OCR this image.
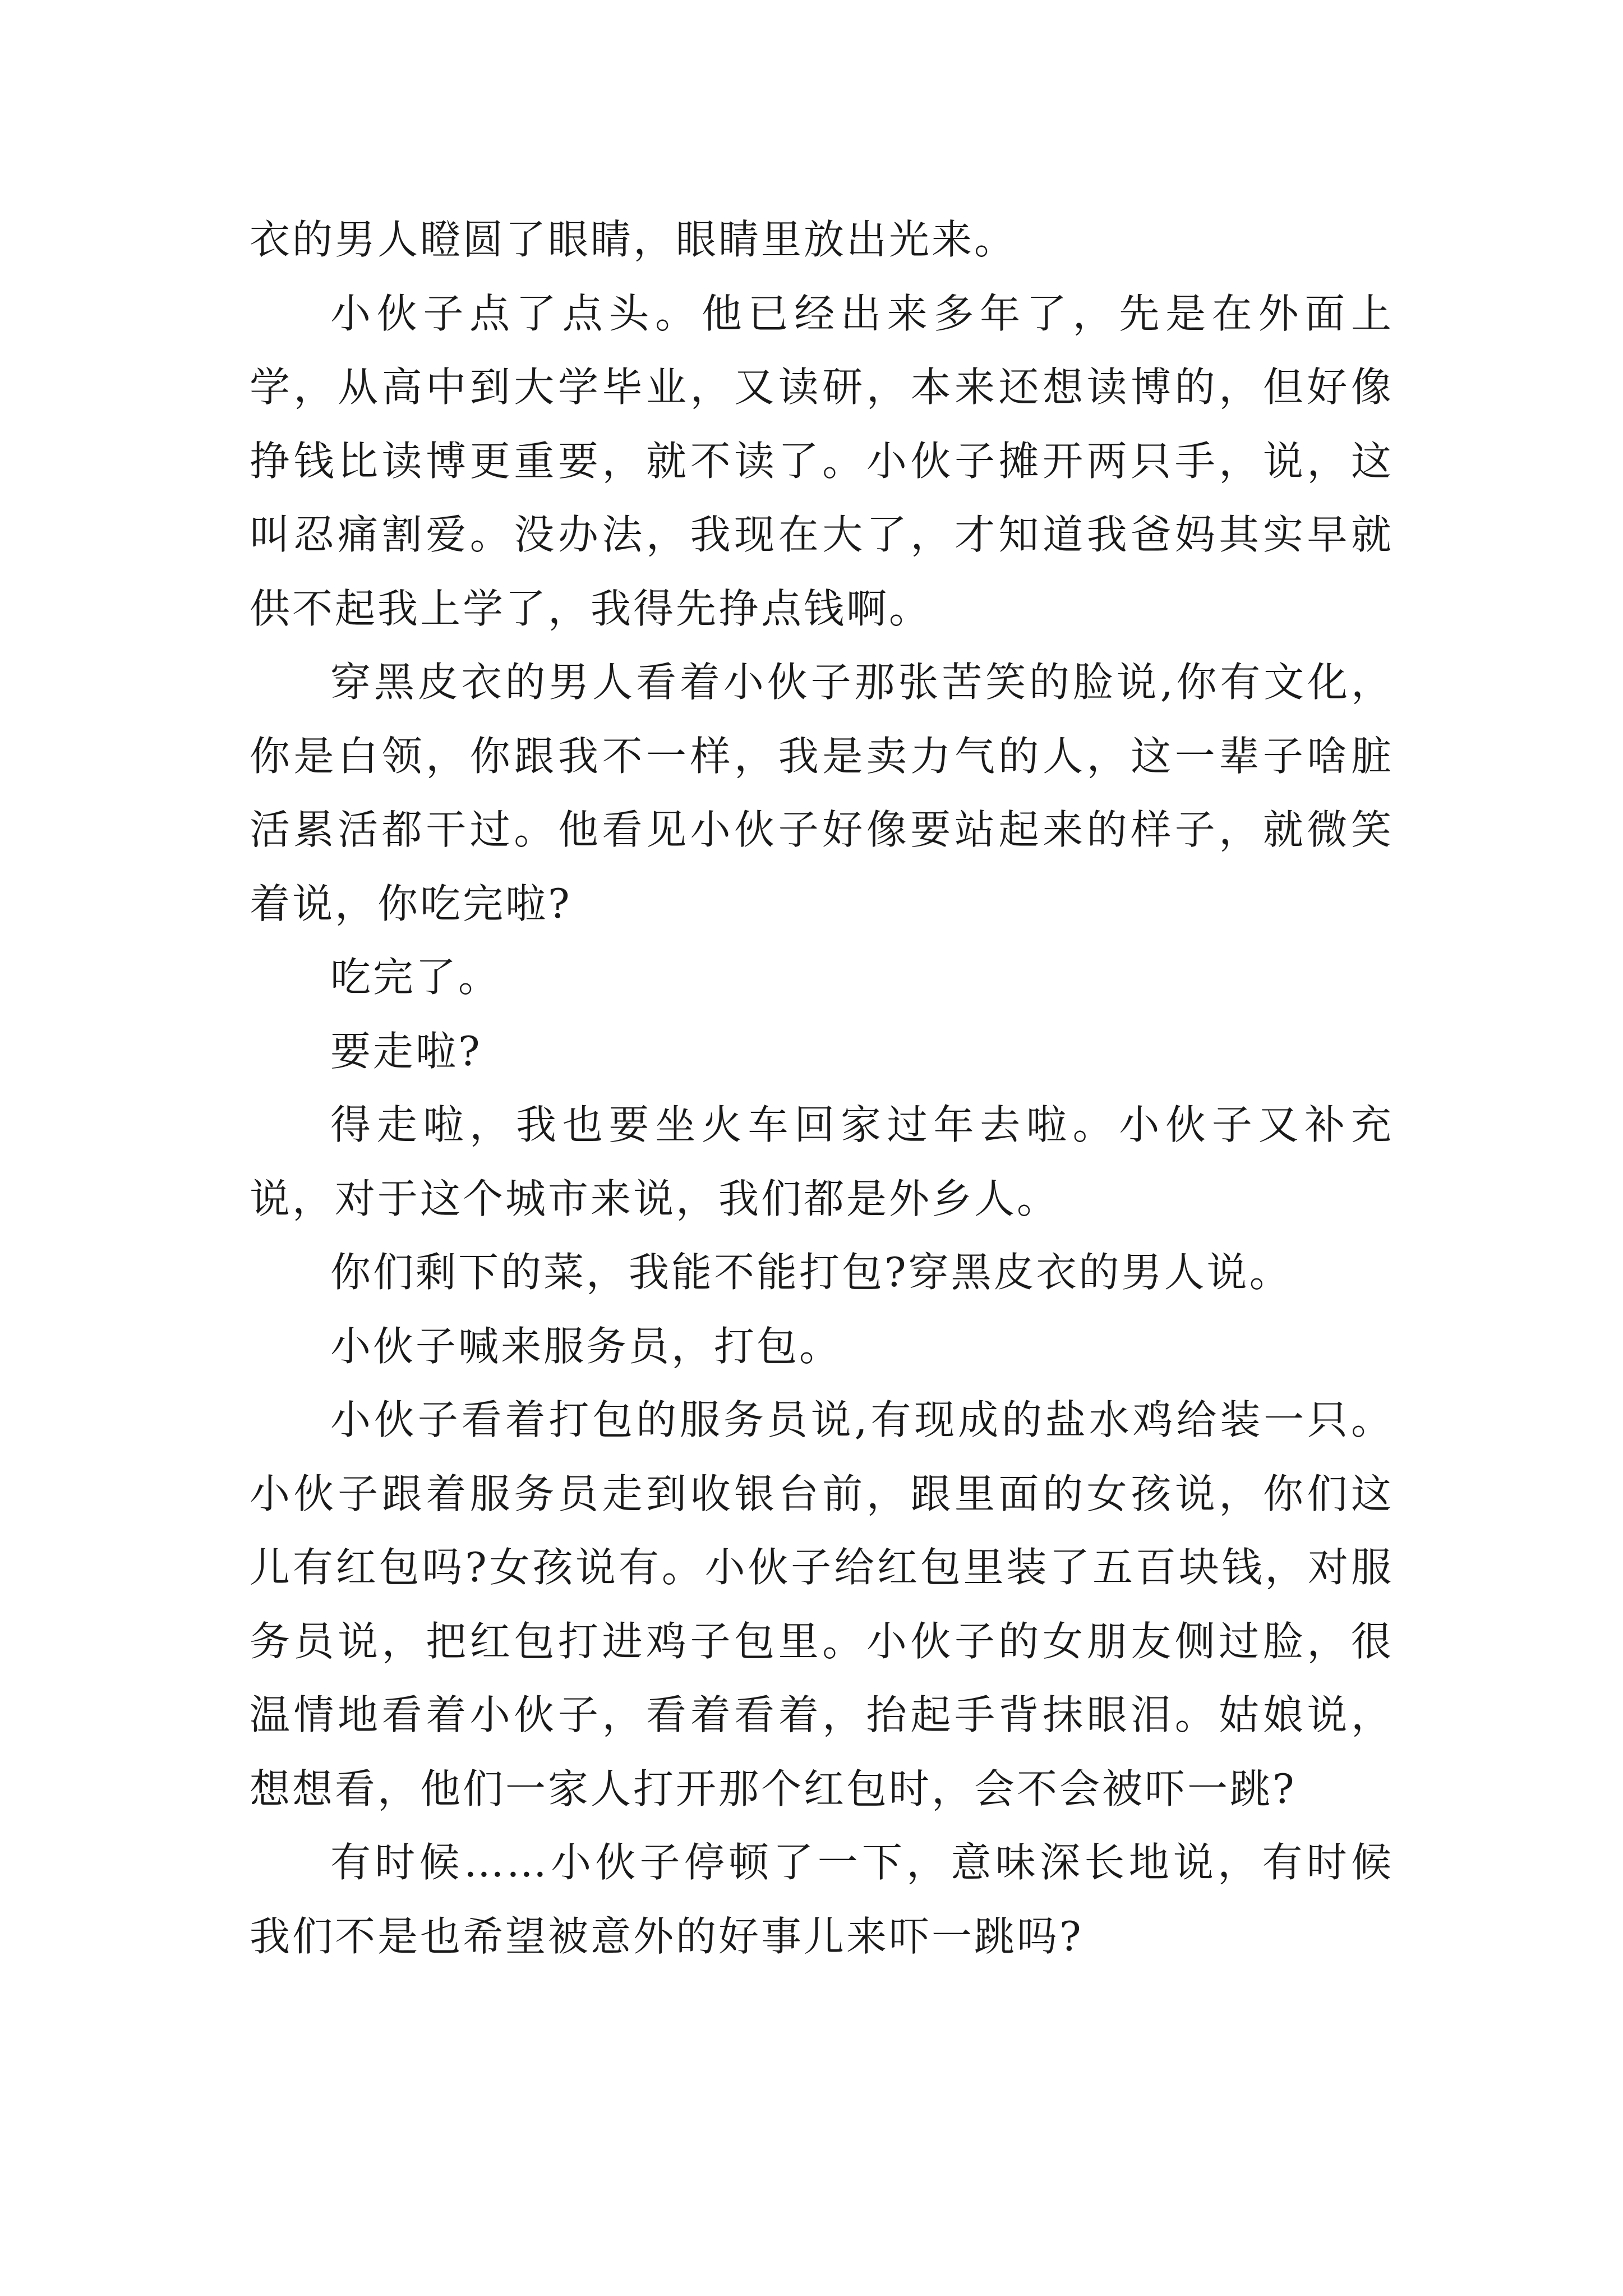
衣的男人瞪圆了眼睛，眼睛里放出光来。

小伙子点了点头。他已经出来多年了，先是在外面上学，从高中到大学毕业，又读研，本来还想读博的，但好像挣钱比读博更重要，就不读了。小伙子摊开两只手，说，这叫忍痛割爱。没办法，我现在大了，才知道我爸妈其实早就供不起我上学了，我得先挣点钱啊。

穿黑皮衣的男人看着小伙子那张苦笑的脸说,你有文化，你是白领，你跟我不一样，我是卖力气的人，这一辈子啥脏活累活都干过。他看见小伙子好像要站起来的样子，就微笑着说，你吃完啦?

吃完了。

要走啦?

得走啦，我也要坐火车回家过年去啦。小伙子又补充说，对于这个城市来说，我们都是外乡人。

你们剩下的菜，我能不能打包?穿黑皮衣的男人说。

小伙子喊来服务员，打包。

小伙子看着打包的服务员说,有现成的盐水鸡给装一只。小伙子跟着服务员走到收银台前，跟里面的女孩说，你们这儿有红包吗?女孩说有。小伙子给红包里装了五百块钱，对服务员说，把红包打进鸡子包里。小伙子的女朋友侧过脸，很温情地看着小伙子，看着看着，抬起手背抹眼泪。姑娘说，想想看，他们一家人打开那个红包时，会不会被吓一跳?

有时候……小伙子停顿了一下，意味深长地说，有时候我们不是也希望被意外的好事儿来吓一跳吗?
